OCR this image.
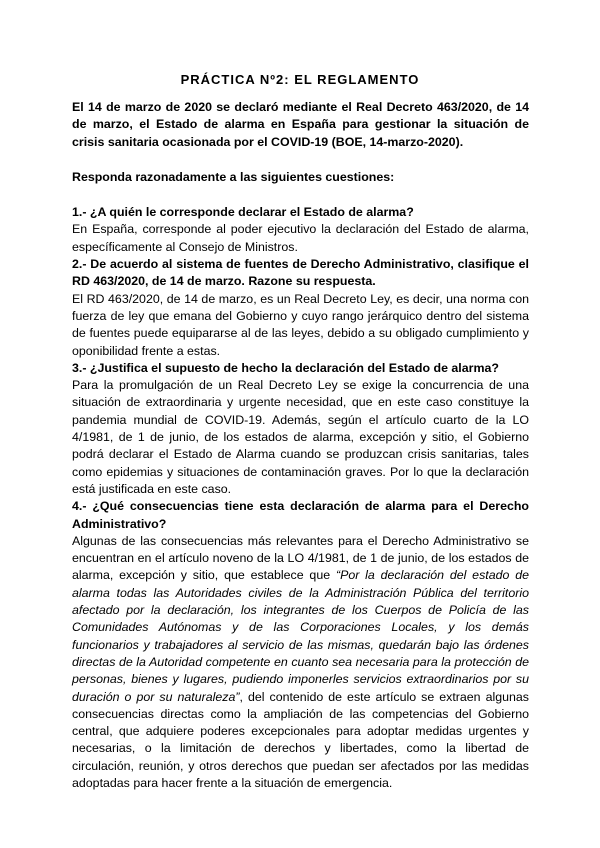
PRÁCTICA Nº2: EL REGLAMENTO

El 14 de marzo de 2020 se declaró mediante el Real Decreto 463/2020, de 14 de marzo, el Estado de alarma en España para gestionar la situación de crisis sanitaria ocasionada por el COVID-19 (BOE, 14-marzo-2020).

Responda razonadamente a las siguientes cuestiones:

1.- ¿A quién le corresponde declarar el Estado de alarma?

En España, corresponde al poder ejecutivo la declaración del Estado de alarma, específicamente al Consejo de Ministros.

2.- De acuerdo al sistema de fuentes de Derecho Administrativo, clasifique el RD 463/2020, de 14 de marzo. Razone su respuesta.

El RD 463/2020, de 14 de marzo, es un Real Decreto Ley, es decir, una norma con fuerza de ley que emana del Gobierno y cuyo rango jerárquico dentro del sistema de fuentes puede equipararse al de las leyes, debido a su obligado cumplimiento y oponibilidad frente a estas.

3.- ¿Justifica el supuesto de hecho la declaración del Estado de alarma?

Para la promulgación de un Real Decreto Ley se exige la concurrencia de una situación de extraordinaria y urgente necesidad, que en este caso constituye la pandemia mundial de COVID-19. Además, según el artículo cuarto de la LO 4/1981, de 1 de junio, de los estados de alarma, excepción y sitio, el Gobierno podrá declarar el Estado de Alarma cuando se produzcan crisis sanitarias, tales como epidemias y situaciones de contaminación graves. Por lo que la declaración está justificada en este caso.

4.- ¿Qué consecuencias tiene esta declaración de alarma para el Derecho Administrativo?

Algunas de las consecuencias más relevantes para el Derecho Administrativo se encuentran en el artículo noveno de la LO 4/1981, de 1 de junio, de los estados de alarma, excepción y sitio, que establece que “Por la declaración del estado de alarma todas las Autoridades civiles de la Administración Pública del territorio afectado por la declaración, los integrantes de los Cuerpos de Policía de las Comunidades Autónomas y de las Corporaciones Locales, y los demás funcionarios y trabajadores al servicio de las mismas, quedarán bajo las órdenes directas de la Autoridad competente en cuanto sea necesaria para la protección de personas, bienes y lugares, pudiendo imponerles servicios extraordinarios por su duración o por su naturaleza”, del contenido de este artículo se extraen algunas consecuencias directas como la ampliación de las competencias del Gobierno central, que adquiere poderes excepcionales para adoptar medidas urgentes y necesarias, o la limitación de derechos y libertades, como la libertad de circulación, reunión, y otros derechos que puedan ser afectados por las medidas adoptadas para hacer frente a la situación de emergencia.
